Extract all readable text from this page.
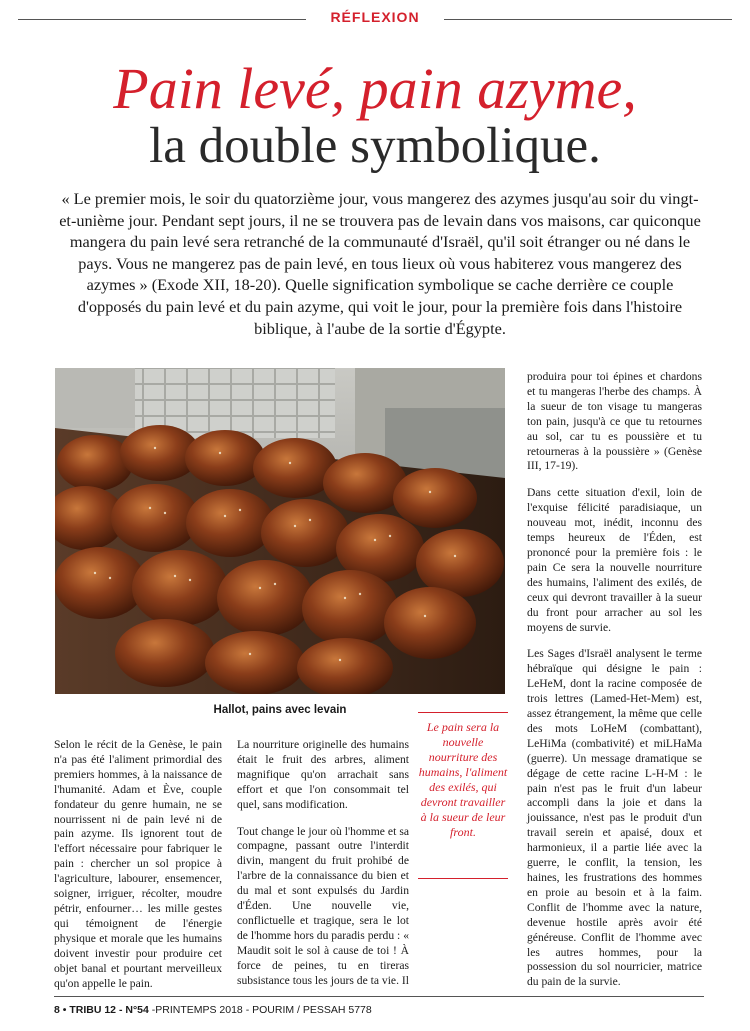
RÉFLEXION
Pain levé, pain azyme,
la double symbolique.
« Le premier mois, le soir du quatorzième jour, vous mangerez des azymes jusqu'au soir du vingt-et-unième jour. Pendant sept jours, il ne se trouvera pas de levain dans vos maisons, car quiconque mangera du pain levé sera retranché de la communauté d'Israël, qu'il soit étranger ou né dans le pays. Vous ne mangerez pas de pain levé, en tous lieux où vous habiterez vous mangerez des azymes » (Exode XII, 18-20). Quelle signification symbolique se cache derrière ce couple d'opposés du pain levé et du pain azyme, qui voit le jour, pour la première fois dans l'histoire biblique, à l'aube de la sortie d'Égypte.
Hallot, pains avec levain
Le pain sera la nouvelle nourriture des humains, l'aliment des exilés, qui devront travailler à la sueur de leur front.

Selon le récit de la Genèse, le pain n'a pas été l'aliment primordial des premiers hommes, à la naissance de l'humanité. Adam et Ève, couple fondateur du genre humain, ne se nourrissent ni de pain levé ni de pain azyme. Ils ignorent tout de l'effort nécessaire pour fabriquer le pain : chercher un sol propice à l'agriculture, labourer, ensemencer, soigner, irriguer, récolter, moudre pétrir, enfourner… les mille gestes qui témoignent de l'énergie physique et morale que les humains doivent investir pour produire cet objet banal et pourtant merveilleux qu'on appelle le pain.

La nourriture originelle des humains était le fruit des arbres, aliment magnifique qu'on arrachait sans effort et que l'on consommait tel quel, sans modification.

Tout change le jour où l'homme et sa compagne, passant outre l'interdit divin, mangent du fruit prohibé de l'arbre de la connaissance du bien et du mal et sont expulsés du Jardin d'Éden. Une nouvelle vie, conflictuelle et tragique, sera le lot de l'homme hors du paradis perdu : « Maudit soit le sol à cause de toi ! À force de peines, tu en tireras subsistance tous les jours de ta vie. Il

produira pour toi épines et chardons et tu mangeras l'herbe des champs. À la sueur de ton visage tu mangeras ton pain, jusqu'à ce que tu retournes au sol, car tu es poussière et tu retourneras à la poussière » (Genèse III, 17-19).

Dans cette situation d'exil, loin de l'exquise félicité paradisiaque, un nouveau mot, inédit, inconnu des temps heureux de l'Éden, est prononcé pour la première fois : le pain Ce sera la nouvelle nourriture des humains, l'aliment des exilés, de ceux qui devront travailler à la sueur du front pour arracher au sol les moyens de survie.

Les Sages d'Israël analysent le terme hébraïque qui désigne le pain : LeHeM, dont la racine composée de trois lettres (Lamed-Het-Mem) est, assez étrangement, la même que celle des mots LoHeM (combattant), LeHiMa (combativité) et miLHaMa (guerre). Un message dramatique se dégage de cette racine L-H-M : le pain n'est pas le fruit d'un labeur accompli dans la joie et dans la jouissance, n'est pas le produit d'un travail serein et apaisé, doux et harmonieux, il a partie liée avec la guerre, le conflit, la tension, les haines, les frustrations des hommes en proie au besoin et à la faim. Conflit de l'homme avec la nature, devenue hostile après avoir été généreuse. Conflit de l'homme avec les autres hommes, pour la possession du sol nourricier, matrice du pain de la survie.

8 • TRIBU 12 - N°54 -PRINTEMPS 2018 - POURIM / PESSAH 5778
